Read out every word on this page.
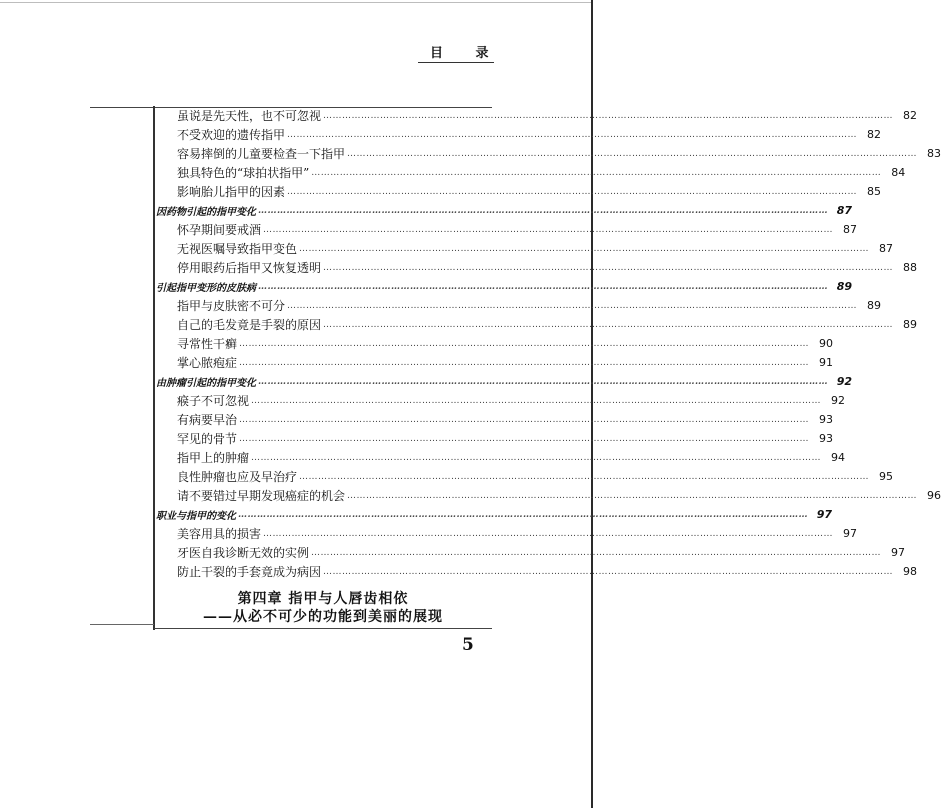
目 录
虽说是先天性，也不可忽视 ……………………………………………………………………………………………………………………………………………………………… 82
不受欢迎的遗传指甲 ……………………………………………………………………………………………………………………………………………………………… 82
容易摔倒的儿童要检查一下指甲 ……………………………………………………………………………………………………………………………………………………………… 83
独具特色的“球拍状指甲” ……………………………………………………………………………………………………………………………………………………………… 84
影响胎儿指甲的因素 ……………………………………………………………………………………………………………………………………………………………… 85
因药物引起的指甲变化 ……………………………………………………………………………………………………………………………………………………………… 87
怀孕期间要戒酒 ……………………………………………………………………………………………………………………………………………………………… 87
无视医嘱导致指甲变色 ……………………………………………………………………………………………………………………………………………………………… 87
停用眼药后指甲又恢复透明 ……………………………………………………………………………………………………………………………………………………………… 88
引起指甲变形的皮肤病 ……………………………………………………………………………………………………………………………………………………………… 89
指甲与皮肤密不可分 ……………………………………………………………………………………………………………………………………………………………… 89
自己的毛发竟是手裂的原因 ……………………………………………………………………………………………………………………………………………………………… 89
寻常性干癣 ……………………………………………………………………………………………………………………………………………………………… 90
掌心脓疱症 ……………………………………………………………………………………………………………………………………………………………… 91
由肿瘤引起的指甲变化 ……………………………………………………………………………………………………………………………………………………………… 92
瘊子不可忽视 ……………………………………………………………………………………………………………………………………………………………… 92
有病要早治 ……………………………………………………………………………………………………………………………………………………………… 93
罕见的骨节 ……………………………………………………………………………………………………………………………………………………………… 93
指甲上的肿瘤 ……………………………………………………………………………………………………………………………………………………………… 94
良性肿瘤也应及早治疗 ……………………………………………………………………………………………………………………………………………………………… 95
请不要错过早期发现癌症的机会 ……………………………………………………………………………………………………………………………………………………………… 96
职业与指甲的变化 ……………………………………………………………………………………………………………………………………………………………… 97
美容用具的损害 ……………………………………………………………………………………………………………………………………………………………… 97
牙医自我诊断无效的实例 ……………………………………………………………………………………………………………………………………………………………… 97
防止干裂的手套竟成为病因 ……………………………………………………………………………………………………………………………………………………………… 98
第四章 指甲与人唇齿相依
——从必不可少的功能到美丽的展现
5
